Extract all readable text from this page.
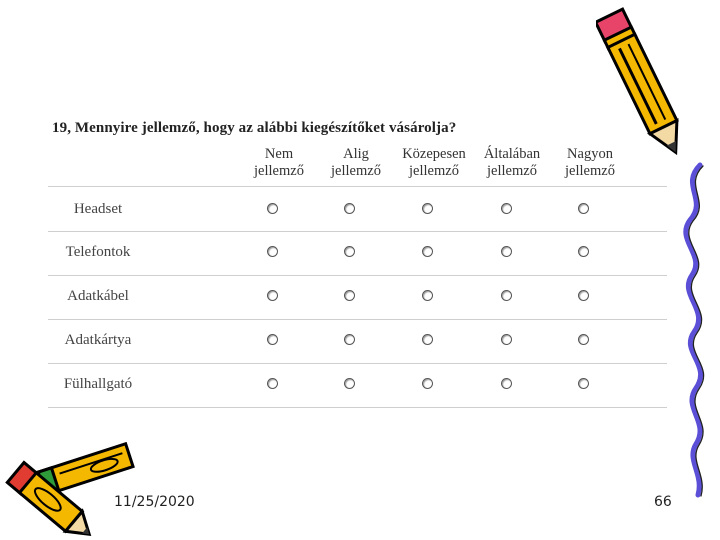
19, Mennyire jellemző, hogy az alábbi kiegészítőket vásárolja?
Nem
jellemző
Alig
jellemző
Közepesen
jellemző
Általában
jellemző
Nagyon
jellemző
Headset
Telefontok
Adatkábel
Adatkártya
Fülhallgató
11/25/2020	66
